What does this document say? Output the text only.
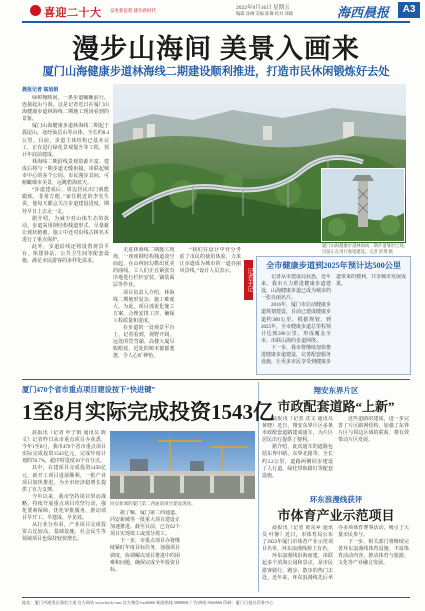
喜迎二十大 奋进新征程 建功新时代	2022年9月16日 星期五
编辑 徐琳 美编 陈琳 校对 邱楠	海西晨报	A3
漫步山海间 美景入画来
厦门山海健康步道林海线二期建设顺利推进，打造市民休闲锻炼好去处
晨报记者 翁旭娟

绿树掩映间，一条步道蜿蜒前行，连接起山与海。这是记者近日在厦门山海健康步道林海线二期施工现场看到的景象。

厦门山海健康步道林海线二期起于狐尾山，途经仙岳山等山体，全长约8.4公里。目前，步道主体结构已基本完工，正在进行绿化景观提升等工程，预计年底前建成。

林海线二期沿线景观资源丰富，建成后将与一期步道无缝衔接，串联起城市中心的多个公园。市民漫步其间，可俯瞰城市美景，远眺碧海蓝天。

“步道建成后，周边居民出门就能锻炼，非常方便。”家住附近的李先生说，他每天都会关注步道建设进度，期待早日上去走一走。

据介绍，为减少对山体生态的扰动，步道采用钢结构栈道形式，尽量避让现状植被，施工中还对沿线古树名木进行了重点保护。

此外，步道沿线还将设置观景平台、休憩驿站、公共卫生间等配套设施，满足市民游客的多样化需求。

厦门山海健康步道林海线二期步道雏形已现，目前正在进行收尾建设。记者 彭博 摄

走进林海线二期施工现场，一座座钢结构栈道凌空而起，在山林间勾勒出优美的曲线。工人们正在紧张有序地进行栏杆安装、铺装面层等作业。

项目负责人介绍，林海线二期地形复杂，施工难度大。为此，项目部优化施工方案，合理安排工序，确保工程质量和进度。

在步道的一处观景平台上，记者看到，视野开阔，远处的筼筜湖、高楼大厦尽收眼底，近处的树木郁郁葱葱，令人心旷神怡。

“我们在设计中充分考虑了市民的使用体验，力求让步道成为城市的一道亮丽风景线。”设计人员表示。	记者手记
全市健康步道到2025年预计达500公里

记者从市建设局获悉，近年来，我市大力推进健康步道建设，山海健康步道已成为城市的一张亮丽名片。

2016年，厦门市启动健康步道规划建设，目前已建成健康步道约300公里。根据规划，到2025年，全市健康步道总里程预计达到500公里，形成覆盖全市、串联山海的步道网络。

下一步，我市将继续加快推进健康步道建设，完善配套服务设施，让更多市民享受到健康步道带来的便利，共享城市发展成果。

厦门470个省市重点项目建设按下“快进键”
1至8月实际完成投资1543亿

晨报讯（记者 叶子雨 通讯员 陈文）记者昨日从市重点项目办获悉，今年1至8月，我市470个省市重点项目实际完成投资1543亿元，完成年度计划的76.7%，超序时进度10个百分点。

其中，在建项目完成投资1450亿元，新开工项目进展顺利，一批产业项目加快推进，为全市经济稳增长提供了有力支撑。

今年以来，我市坚持项目带动战略，持续开展重点项目攻坚行动，强化要素保障，优化审批服务，推动项目早开工、早建成、早见效。

从行业分布看，产业项目完成投资占比较高，基础设施、社会民生等领域项目也保持较快增长。

同安新城的厦门第二西通道项目建设现场。

据了解，厦门第二西通道、同安新城等一批重大项目建设正加速推进。截至目前，已有62个项目实现竣工或部分竣工。

下一步，市重点项目办将继续紧盯年度目标任务，加强项目调度，协调解决项目推进中的困难和问题，确保完成全年投资目标。

翔安东界片区
市政配套道路“上新”

晨报讯（记者 沈文 通讯员 黄晓）近日，翔安东界片区多条市政配套道路建成通车，为片区居民出行提供了便利。

据介绍，此次通车的道路包括东界中路、东界北路等，全长约3.2公里，道路两侧同步建设了人行道、绿化带和路灯等配套设施。

这些道路的建成，进一步完善了片区路网结构，加强了东界片区与周边区域的联系，将有效带动片区发展。

环东浪漫线获评
市体育产业示范项目

晨报讯（记者 黄东乡 通讯员 叶静）近日，市体育局公布了2022年厦门市体育产业示范项目名单，环东浪漫线榜上有名。

环东浪漫线沿海而建，串联起多个滨海公园和景点，是市民游客骑行、跑步、散步的热门去处。近年来，环东浪漫线先后举办多项体育赛事活动，吸引了大量市民参与。

下一步，相关部门将继续完善环东浪漫线体育设施，丰富体育活动内容，推动体育与旅游、文化等产业融合发展。

地址：厦门市湖里区湖里大道 官方网站 www.hxcb.com 官方微信 hxdb666 新闻热线 5888888 广告热线 5666666 印刷：厦门日报社印务中心
